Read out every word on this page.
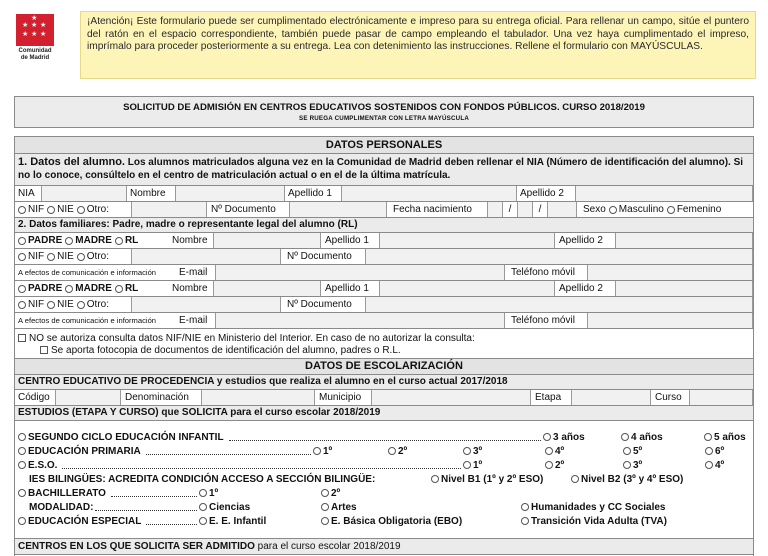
★ ★ ★
★ ★ ★
★
Comunidad
de Madrid
¡Atención¡ Este formulario puede ser cumplimentado electrónicamente e impreso para su entrega oficial. Para rellenar un campo, sitúe el puntero del ratón en el espacio correspondiente, también puede pasar de campo empleando el tabulador. Una vez haya cumplimentado el impreso, imprímalo para proceder posteriormente a su entrega. Lea con detenimiento las instrucciones. Rellene el formulario con MAYÚSCULAS.
SOLICITUD DE ADMISIÓN EN CENTROS EDUCATIVOS SOSTENIDOS CON FONDOS PÚBLICOS. CURSO 2018/2019
SE RUEGA CUMPLIMENTAR CON LETRA MAYÚSCULA
DATOS PERSONALES
1. Datos del alumno. Los alumnos matriculados alguna vez en la Comunidad de Madrid deben rellenar el NIA (Número de identificación del alumno). Si no lo conoce, consúltelo en el centro de matriculación actual o en el de la última matrícula.
NIA	Nombre	Apellido 1	Apellido 2
NIF NIE Otro:	Nº Documento	Fecha nacimiento	/	/	Sexo Masculino Femenino
2. Datos familiares: Padre, madre o representante legal del alumno (RL)
PADRE MADRE RL	Nombre	Apellido 1	Apellido 2
NIF NIE Otro:	Nº Documento
A efectos de comunicación e información	E-mail	Teléfono móvil
PADRE MADRE RL	Nombre	Apellido 1	Apellido 2
NIF NIE Otro:	Nº Documento
A efectos de comunicación e información	E-mail	Teléfono móvil
NO se autoriza consulta datos NIF/NIE en Ministerio del Interior. En caso de no autorizar la consulta:
Se aporta fotocopia de documentos de identificación del alumno, padres o R.L.
DATOS DE ESCOLARIZACIÓN
CENTRO EDUCATIVO DE PROCEDENCIA y estudios que realiza el alumno en el curso actual 2017/2018
Código	Denominación	Municipio	Etapa	Curso
ESTUDIOS (ETAPA Y CURSO) que SOLICITA para el curso escolar 2018/2019
SEGUNDO CICLO EDUCACIÓN INFANTIL	3 años	4 años	5 años
EDUCACIÓN PRIMARIA	1º	2º	3º	4º	5º	6º
E.S.O.	1º	2º	3º	4º
IES BILINGÜES: ACREDITA CONDICIÓN ACCESO A SECCIÓN BILINGÜE:	Nivel B1 (1º y 2º ESO)	Nivel B2 (3º y 4º ESO)
BACHILLERATO	1º	2º
MODALIDAD:	Ciencias	Artes	Humanidades y CC Sociales
EDUCACIÓN ESPECIAL	E. E. Infantil	E. Básica Obligatoria (EBO)	Transición Vida Adulta (TVA)
CENTROS EN LOS QUE SOLICITA SER ADMITIDO para el curso escolar 2018/2019
